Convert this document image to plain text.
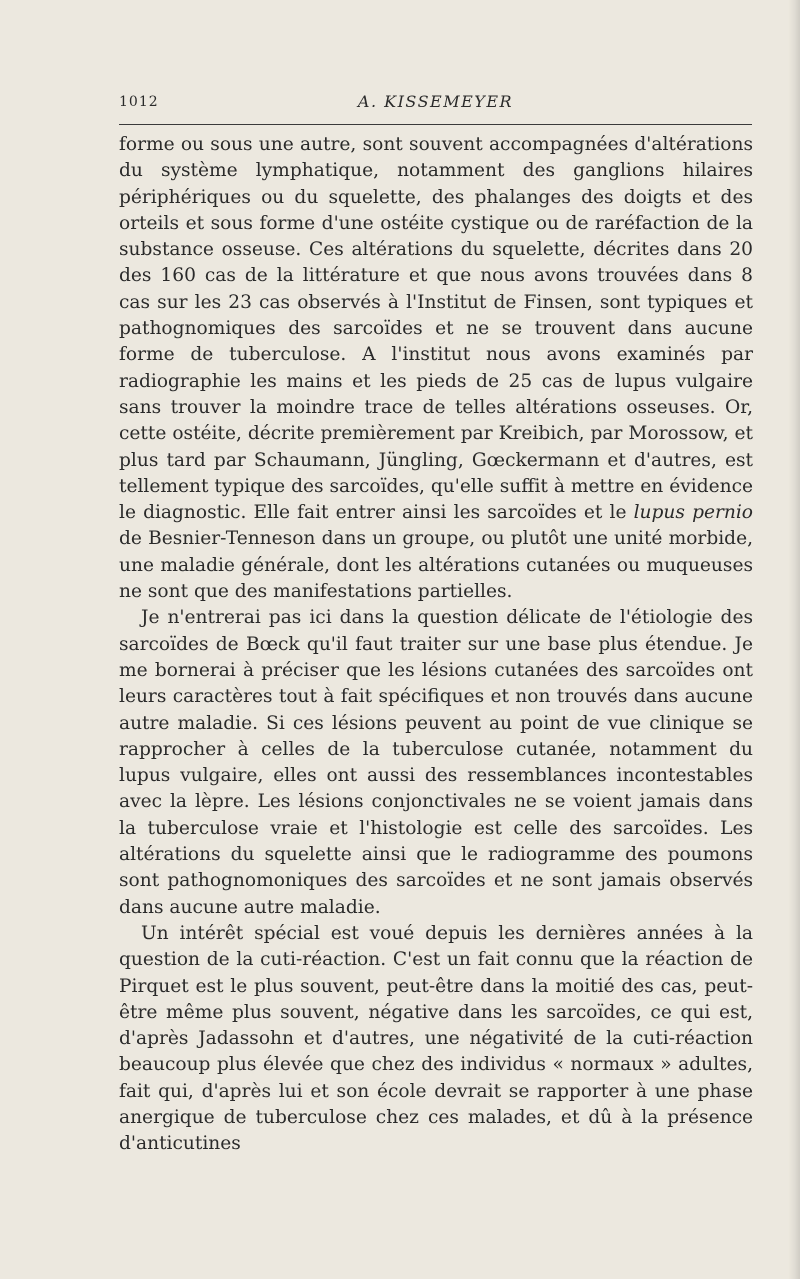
1012	A. KISSEMEYER

forme ou sous une autre, sont souvent accompagnées d'altérations du système lymphatique, notamment des ganglions hilaires périphériques ou du squelette, des phalanges des doigts et des orteils et sous forme d'une ostéite cystique ou de raréfaction de la substance osseuse. Ces altérations du squelette, décrites dans 20 des 160 cas de la littérature et que nous avons trouvées dans 8 cas sur les 23 cas observés à l'Institut de Finsen, sont typiques et pathognomiques des sarcoïdes et ne se trouvent dans aucune forme de tuberculose. A l'institut nous avons examinés par radiographie les mains et les pieds de 25 cas de lupus vulgaire sans trouver la moindre trace de telles altérations osseuses. Or, cette ostéite, décrite premièrement par Kreibich, par Morossow, et plus tard par Schaumann, Jüngling, Gœckermann et d'autres, est tellement typique des sarcoïdes, qu'elle suffit à mettre en évidence le diagnostic. Elle fait entrer ainsi les sarcoïdes et le lupus pernio de Besnier-Tenneson dans un groupe, ou plutôt une unité morbide, une maladie générale, dont les altérations cutanées ou muqueuses ne sont que des manifestations partielles.

Je n'entrerai pas ici dans la question délicate de l'étiologie des sarcoïdes de Bœck qu'il faut traiter sur une base plus étendue. Je me bornerai à préciser que les lésions cutanées des sarcoïdes ont leurs caractères tout à fait spécifiques et non trouvés dans aucune autre maladie. Si ces lésions peuvent au point de vue clinique se rapprocher à celles de la tuberculose cutanée, notamment du lupus vulgaire, elles ont aussi des ressemblances incontestables avec la lèpre. Les lésions conjonctivales ne se voient jamais dans la tuberculose vraie et l'histologie est celle des sarcoïdes. Les altérations du squelette ainsi que le radiogramme des poumons sont pathognomoniques des sarcoïdes et ne sont jamais observés dans aucune autre maladie.

Un intérêt spécial est voué depuis les dernières années à la question de la cuti-réaction. C'est un fait connu que la réaction de Pirquet est le plus souvent, peut-être dans la moitié des cas, peut-être même plus souvent, négative dans les sarcoïdes, ce qui est, d'après Jadassohn et d'autres, une négativité de la cuti-réaction beaucoup plus élevée que chez des individus « normaux » adultes, fait qui, d'après lui et son école devrait se rapporter à une phase anergique de tuberculose chez ces malades, et dû à la présence d'anticutines
